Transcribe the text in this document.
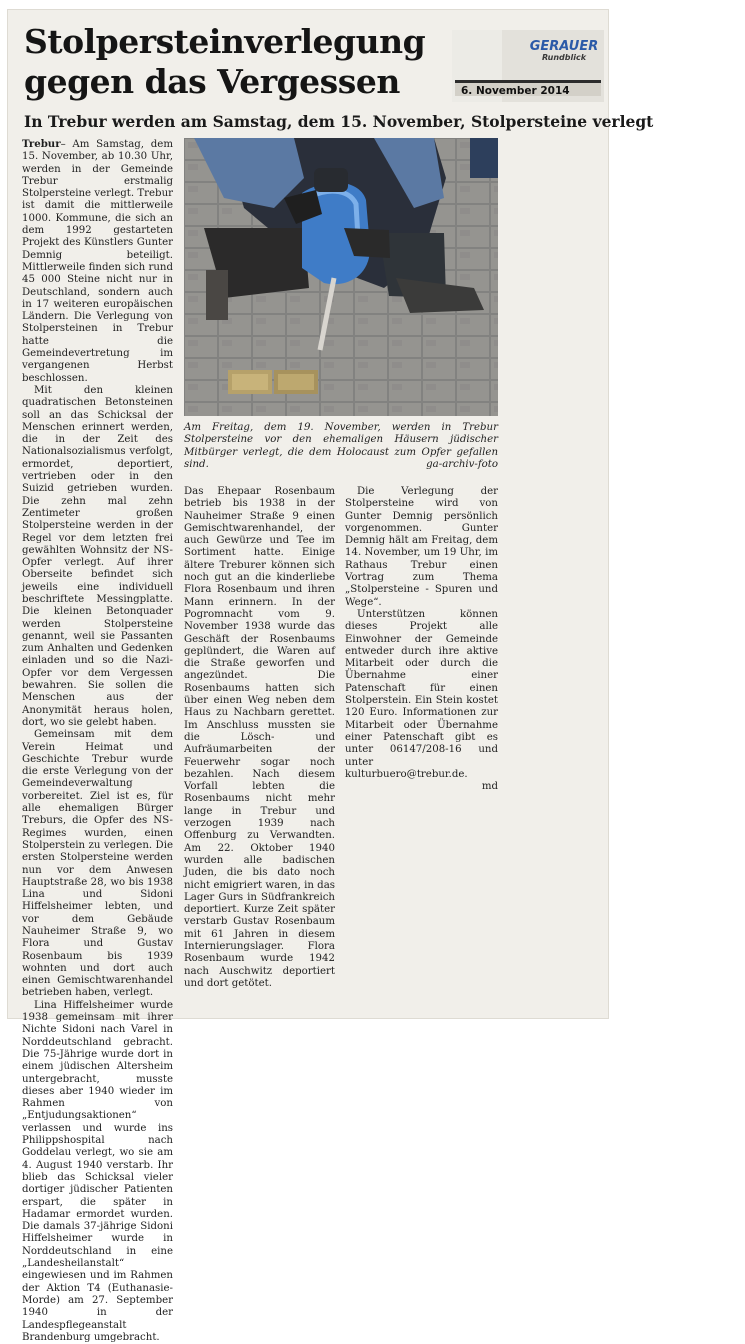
Stolpersteinverlegung
gegen das Vergessen
GERAUER
Rundblick
6. November 2014
In Trebur werden am Samstag, dem 15. November, Stolpersteine verlegt

Trebur– Am Samstag, dem 15. November, ab 10.30 Uhr, werden in der Gemeinde Trebur erstmalig Stolpersteine verlegt. Trebur ist damit die mittlerweile 1000. Kommune, die sich an dem 1992 gestarteten Projekt des Künstlers Gunter Demnig beteiligt. Mittlerweile finden sich rund 45 000 Steine nicht nur in Deutschland, sondern auch in 17 weiteren europäischen Ländern. Die Verlegung von Stolpersteinen in Trebur hatte die Gemeindevertretung im vergangenen Herbst beschlossen.

Mit den kleinen quadratischen Betonsteinen soll an das Schicksal der Menschen erinnert werden, die in der Zeit des Nationalsozialismus verfolgt, ermordet, deportiert, vertrieben oder in den Suizid getrieben wurden. Die zehn mal zehn Zentimeter großen Stolpersteine werden in der Regel vor dem letzten frei gewählten Wohnsitz der NS-Opfer verlegt. Auf ihrer Oberseite befindet sich jeweils eine individuell beschriftete Messingplatte. Die kleinen Betonquader werden Stolpersteine genannt, weil sie Passanten zum Anhalten und Gedenken einladen und so die Nazi-Opfer vor dem Vergessen bewahren. Sie sollen die Menschen aus der Anonymität heraus holen, dort, wo sie gelebt haben.

Gemeinsam mit dem Verein Heimat und Geschichte Trebur wurde die erste Verlegung von der Gemeindeverwaltung vorbereitet. Ziel ist es, für alle ehemaligen Bürger Treburs, die Opfer des NS-Regimes wurden, einen Stolperstein zu verlegen. Die ersten Stolpersteine werden nun vor dem Anwesen Hauptstraße 28, wo bis 1938 Lina und Sidoni Hiffelsheimer lebten, und vor dem Gebäude Nauheimer Straße 9, wo Flora und Gustav Rosenbaum bis 1939 wohnten und dort auch einen Gemischtwarenhandel betrieben haben, verlegt.

Lina Hiffelsheimer wurde 1938 gemeinsam mit ihrer Nichte Sidoni nach Varel in Norddeutschland gebracht. Die 75-Jährige wurde dort in einem jüdischen Altersheim untergebracht, musste dieses aber 1940 wieder im Rahmen von „Entjudungsaktionen“ verlassen und wurde ins Philippshospital nach Goddelau verlegt, wo sie am 4. August 1940 verstarb. Ihr blieb das Schicksal vieler dortiger jüdischer Patienten erspart, die später in Hadamar ermordet wurden. Die damals 37-jährige Sidoni Hiffelsheimer wurde in Norddeutschland in eine „Landesheilanstalt“ eingewiesen und im Rahmen der Aktion T4 (Euthanasie-Morde) am 27. September 1940 in der Landespflegeanstalt Brandenburg umgebracht.

Am Freitag, dem 19. November, werden in Trebur Stolpersteine vor den ehemaligen Häusern jüdischer Mitbürger verlegt, die dem Holocaust zum Opfer gefallen sind.	ga-archiv-foto

Das Ehepaar Rosenbaum betrieb bis 1938 in der Nauheimer Straße 9 einen Gemischtwarenhandel, der auch Gewürze und Tee im Sortiment hatte. Einige ältere Treburer können sich noch gut an die kinderliebe Flora Rosenbaum und ihren Mann erinnern. In der Pogromnacht vom 9. November 1938 wurde das Geschäft der Rosenbaums geplündert, die Waren auf die Straße geworfen und angezündet. Die Rosenbaums hatten sich über einen Weg neben dem Haus zu Nachbarn gerettet. Im Anschluss mussten sie die Lösch- und Aufräumarbeiten der Feuerwehr sogar noch bezahlen. Nach diesem Vorfall lebten die Rosenbaums nicht mehr lange in Trebur und verzogen 1939 nach Offenburg zu Verwandten. Am 22. Oktober 1940 wurden alle badischen Juden, die bis dato noch nicht emigriert waren, in das Lager Gurs in Südfrankreich deportiert. Kurze Zeit später verstarb Gustav Rosenbaum mit 61 Jahren in diesem Internierungslager. Flora Rosenbaum wurde 1942 nach Auschwitz deportiert und dort getötet.

Die Verlegung der Stolpersteine wird von Gunter Demnig persönlich vorgenommen. Gunter Demnig hält am Freitag, dem 14. November, um 19 Uhr, im Rathaus Trebur einen Vortrag zum Thema „Stolpersteine - Spuren und Wege“.

Unterstützen können dieses Projekt alle Einwohner der Gemeinde entweder durch ihre aktive Mitarbeit oder durch die Übernahme einer Patenschaft für einen Stolperstein. Ein Stein kostet 120 Euro. Informationen zur Mitarbeit oder Übernahme einer Patenschaft gibt es unter 06147/208-16 und unter kulturbuero@trebur.de.

md
